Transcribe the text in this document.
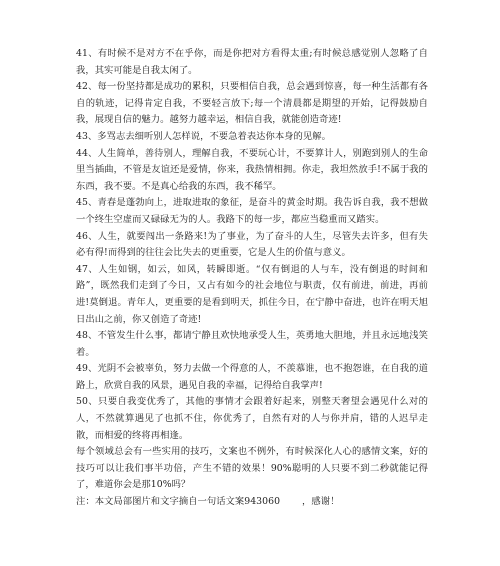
41、有时候不是对方不在乎你，而是你把对方看得太重;有时候总感觉别人忽略了自我，其实可能是自我太闲了。

42、每一份坚持都是成功的累积，只要相信自我，总会遇到惊喜，每一种生活都有各自的轨迹，记得肯定自我，不要轻言放下;每一个清晨都是期望的开始，记得鼓励自我，展现自信的魅力。越努力越幸运，相信自我，就能创造奇迹!

43、多骂志去细听别人怎样说，不要急着表达你本身的见解。

44、人生简单，善待别人，理解自我，不要玩心计，不要算计人，别跑到别人的生命里当插曲，不管是友谊还是爱情，你来，我热情相拥。你走，我坦然放手!不属于我的东西，我不要。不是真心给我的东西，我不稀罕。

45、青春是蓬勃向上，进取进取的象征，是奋斗的黄金时期。我告诉自我，我不想做一个终生空虚而又碌碌无为的人。我路下的每一步，都应当稳重而又踏实。

46、人生，就要闯出一条路来!为了事业，为了奋斗的人生，尽管失去许多，但有失必有得!而得到的往往会比失去的更重要，它是人生的价值与意义。

47、人生如钢，如云，如风，转瞬即逝。“仅有倒退的人与车，没有倒退的时间和路”，既然我们走到了今日，又占有如今的社会地位与职责，仅有前进，前进，再前进!莫倒退。青年人，更重要的是看到明天，抓住今日，在宁静中奋进，也许在明天旭日出山之前，你又创造了奇迹!

48、不管发生什么事，都请宁静且欢快地承受人生，英勇地大胆地，并且永远地浅笑着。

49、光阴不会被辜负，努力去做一个得意的人，不羡慕谁，也不抱怨谁，在自我的道路上，欣赏自我的风景，遇见自我的幸福，记得给自我掌声!

50、只要自我变优秀了，其他的事情才会跟着好起来，别整天奢望会遇见什么对的人，不然就算遇见了也抓不住，你优秀了，自然有对的人与你并肩，错的人迟早走散，而相爱的终将再相逢。

每个领域总会有一些实用的技巧，文案也不例外，有时候深化人心的感情文案，好的技巧可以让我们事半功倍，产生不错的效果！90%聪明的人只要不到二秒就能记得了，难道你会是那10%吗？

注：本文局部图片和文字摘自一句话文案943060 ，感谢！
